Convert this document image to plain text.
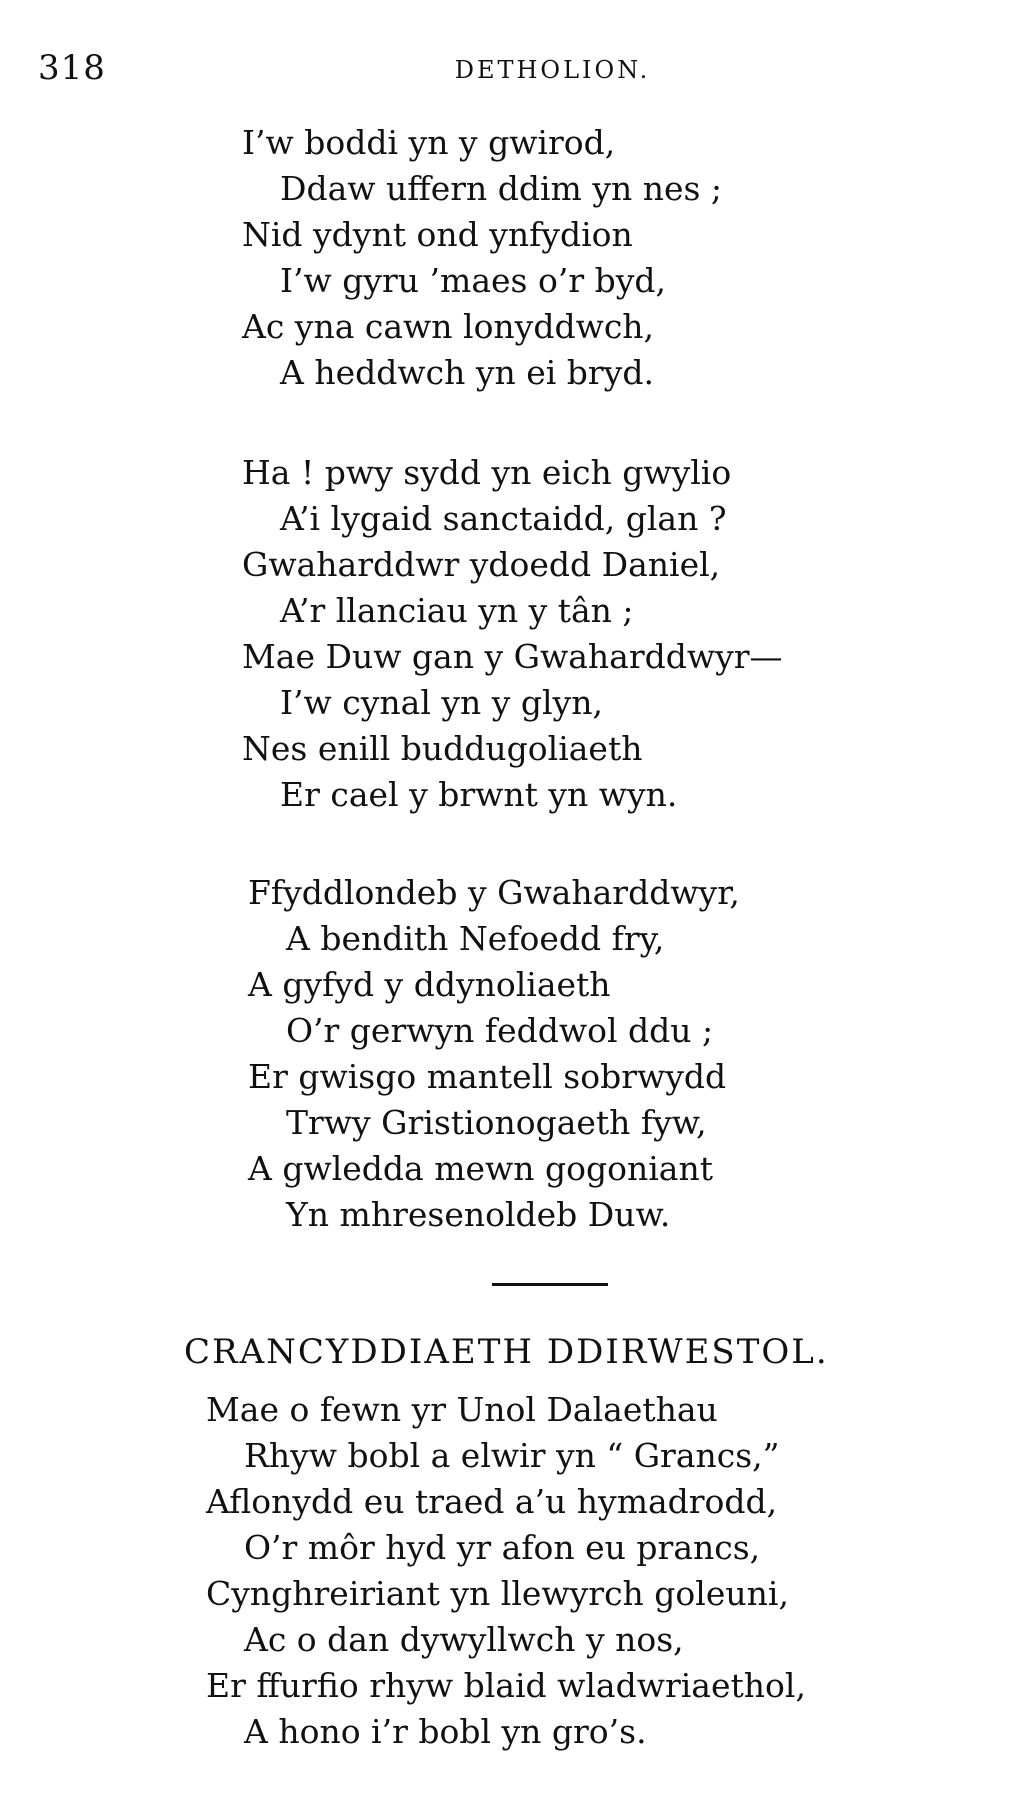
318	DETHOLION.
I’w boddi yn y gwirod,
Ddaw uffern ddim yn nes ;
Nid ydynt ond ynfydion
I’w gyru ’maes o’r byd,
Ac yna cawn lonyddwch,
A heddwch yn ei bryd.
Ha ! pwy sydd yn eich gwylio
A’i lygaid sanctaidd, glan ?
Gwaharddwr ydoedd Daniel,
A’r llanciau yn y tân ;
Mae Duw gan y Gwaharddwyr—
I’w cynal yn y glyn,
Nes enill buddugoliaeth
Er cael y brwnt yn wyn.
Ffyddlondeb y Gwaharddwyr,
A bendith Nefoedd fry,
A gyfyd y ddynoliaeth
O’r gerwyn feddwol ddu ;
Er gwisgo mantell sobrwydd
Trwy Gristionogaeth fyw,
A gwledda mewn gogoniant
Yn mhresenoldeb Duw.
CRANCYDDIAETH DDIRWESTOL.
Mae o fewn yr Unol Dalaethau
Rhyw bobl a elwir yn “ Grancs,”
Aflonydd eu traed a’u hymadrodd,
O’r môr hyd yr afon eu prancs,
Cynghreiriant yn llewyrch goleuni,
Ac o dan dywyllwch y nos,
Er ffurfio rhyw blaid wladwriaethol,
A hono i’r bobl yn gro’s.
